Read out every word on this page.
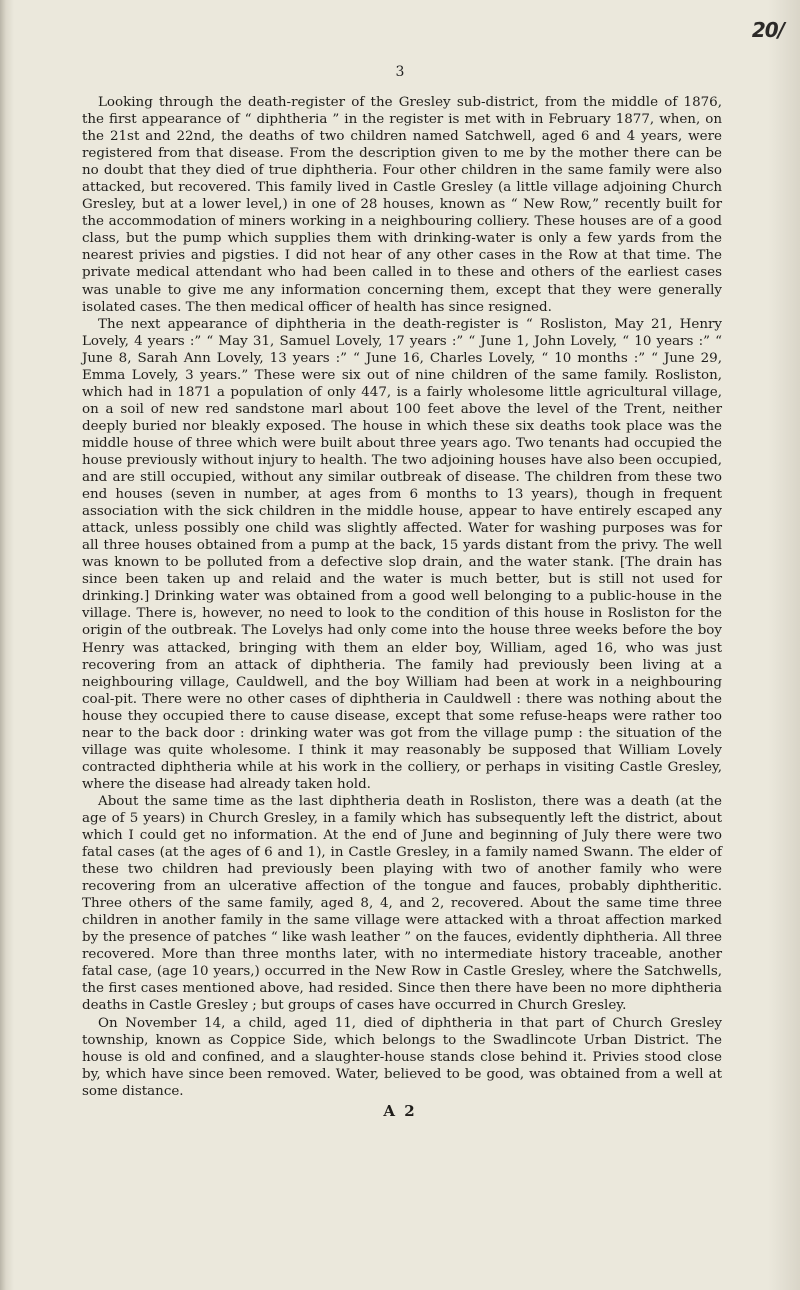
20/
3

Looking through the death-register of the Gresley sub-district, from the middle of 1876, the first appearance of “ diphtheria ” in the register is met with in February 1877, when, on the 21st and 22nd, the deaths of two children named Satchwell, aged 6 and 4 years, were registered from that disease. From the description given to me by the mother there can be no doubt that they died of true diphtheria. Four other children in the same family were also attacked, but recovered. This family lived in Castle Gresley (a little village adjoining Church Gresley, but at a lower level,) in one of 28 houses, known as “ New Row,” recently built for the accommodation of miners working in a neighbouring colliery. These houses are of a good class, but the pump which supplies them with drinking-water is only a few yards from the nearest privies and pigsties. I did not hear of any other cases in the Row at that time. The private medical attendant who had been called in to these and others of the earliest cases was unable to give me any information concerning them, except that they were generally isolated cases. The then medical officer of health has since resigned.

The next appearance of diphtheria in the death-register is “ Rosliston, May 21, Henry Lovely, 4 years :” “ May 31, Samuel Lovely, 17 years :” “ June 1, John Lovely, “ 10 years :” “ June 8, Sarah Ann Lovely, 13 years :” “ June 16, Charles Lovely, “ 10 months :” “ June 29, Emma Lovely, 3 years.” These were six out of nine children of the same family. Rosliston, which had in 1871 a population of only 447, is a fairly wholesome little agricultural village, on a soil of new red sandstone marl about 100 feet above the level of the Trent, neither deeply buried nor bleakly exposed. The house in which these six deaths took place was the middle house of three which were built about three years ago. Two tenants had occupied the house previously without injury to health. The two adjoining houses have also been occupied, and are still occupied, without any similar outbreak of disease. The children from these two end houses (seven in number, at ages from 6 months to 13 years), though in frequent association with the sick children in the middle house, appear to have entirely escaped any attack, unless possibly one child was slightly affected. Water for washing purposes was for all three houses obtained from a pump at the back, 15 yards distant from the privy. The well was known to be polluted from a defective slop drain, and the water stank. [The drain has since been taken up and relaid and the water is much better, but is still not used for drinking.] Drinking water was obtained from a good well belonging to a public-house in the village. There is, however, no need to look to the condition of this house in Rosliston for the origin of the outbreak. The Lovelys had only come into the house three weeks before the boy Henry was attacked, bringing with them an elder boy, William, aged 16, who was just recovering from an attack of diphtheria. The family had previously been living at a neighbouring village, Cauldwell, and the boy William had been at work in a neighbouring coal-pit. There were no other cases of diphtheria in Cauldwell : there was nothing about the house they occupied there to cause disease, except that some refuse-heaps were rather too near to the back door : drinking water was got from the village pump : the situation of the village was quite wholesome. I think it may reasonably be supposed that William Lovely contracted diphtheria while at his work in the colliery, or perhaps in visiting Castle Gresley, where the disease had already taken hold.

About the same time as the last diphtheria death in Rosliston, there was a death (at the age of 5 years) in Church Gresley, in a family which has subsequently left the district, about which I could get no information. At the end of June and beginning of July there were two fatal cases (at the ages of 6 and 1), in Castle Gresley, in a family named Swann. The elder of these two children had previously been playing with two of another family who were recovering from an ulcerative affection of the tongue and fauces, probably diphtheritic. Three others of the same family, aged 8, 4, and 2, recovered. About the same time three children in another family in the same village were attacked with a throat affection marked by the presence of patches “ like wash leather ” on the fauces, evidently diphtheria. All three recovered. More than three months later, with no intermediate history traceable, another fatal case, (age 10 years,) occurred in the New Row in Castle Gresley, where the Satchwells, the first cases mentioned above, had resided. Since then there have been no more diphtheria deaths in Castle Gresley ; but groups of cases have occurred in Church Gresley.

On November 14, a child, aged 11, died of diphtheria in that part of Church Gresley township, known as Coppice Side, which belongs to the Swadlincote Urban District. The house is old and confined, and a slaughter-house stands close behind it. Privies stood close by, which have since been removed. Water, believed to be good, was obtained from a well at some distance.

A 2
